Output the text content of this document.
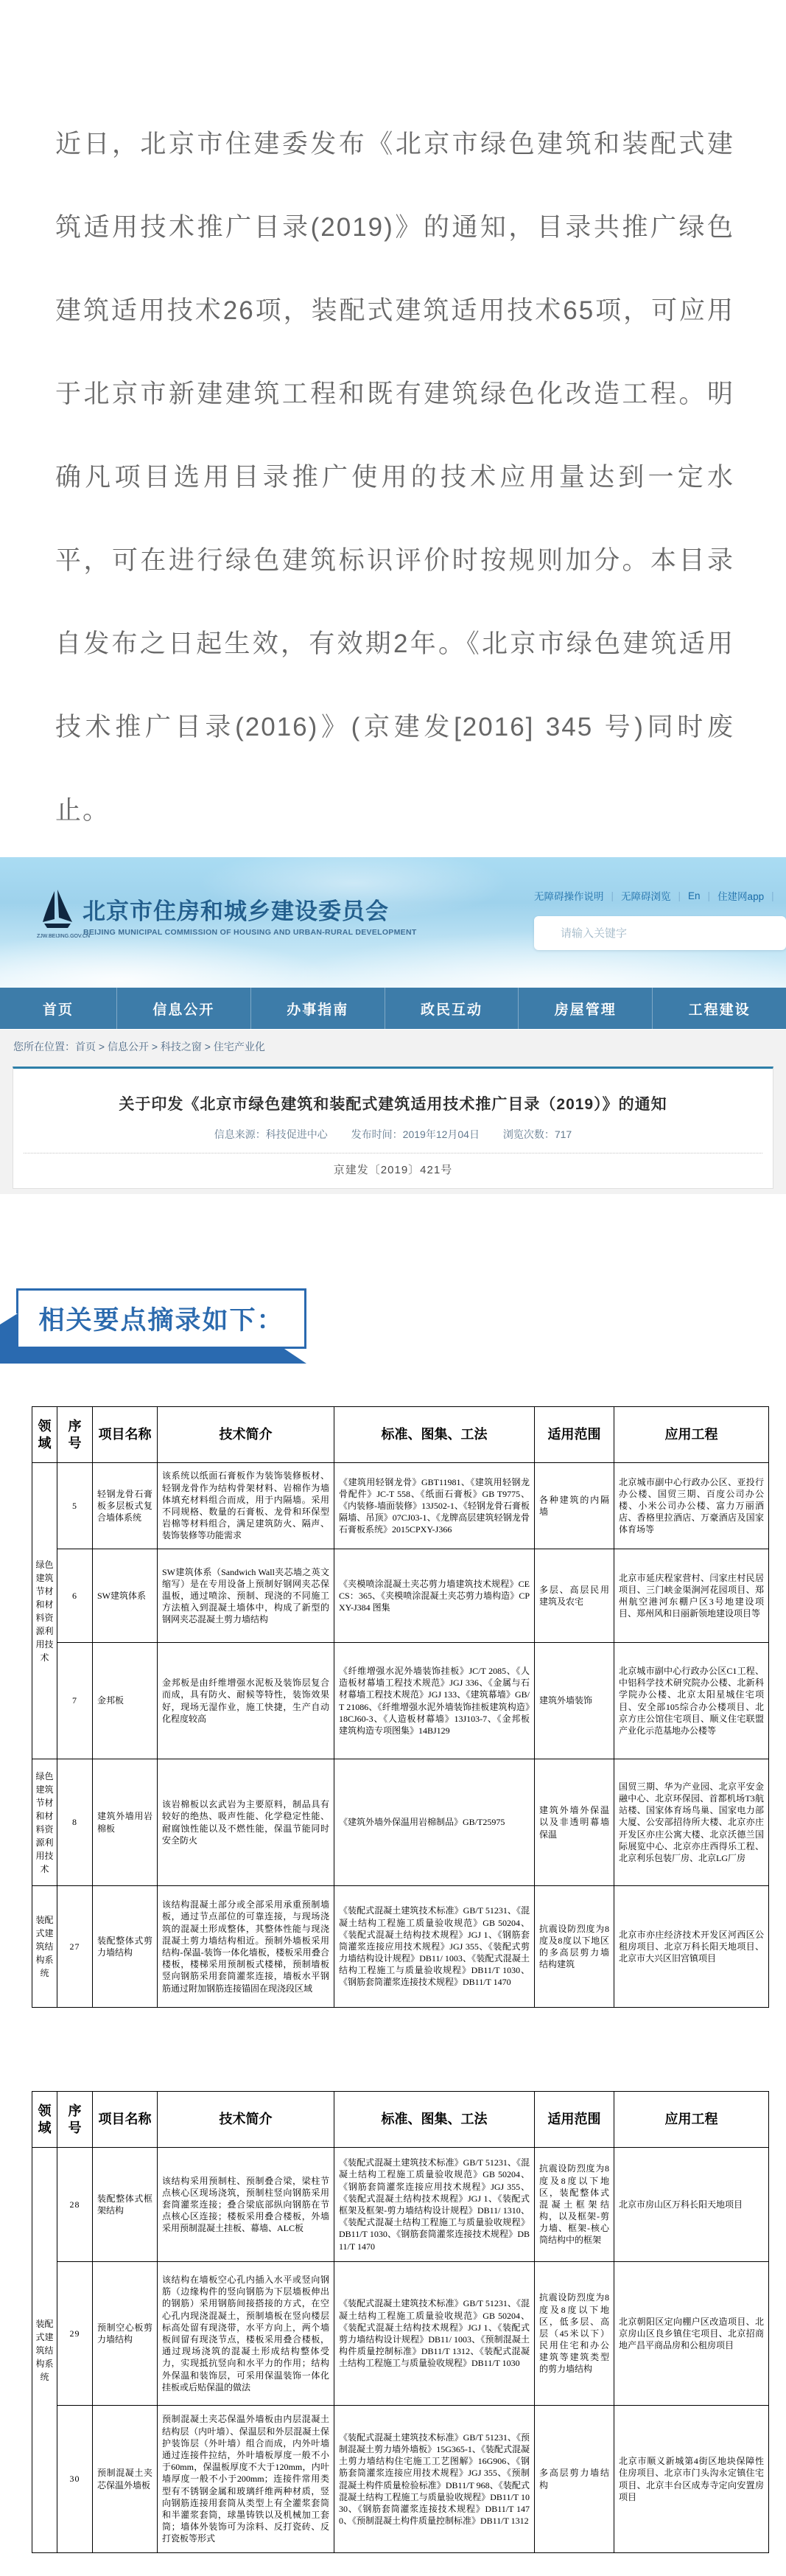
近日，北京市住建委发布《北京市绿色建筑和装配式建筑适用技术推广目录(2019)》的通知，目录共推广绿色建筑适用技术26项，装配式建筑适用技术65项，可应用于北京市新建建筑工程和既有建筑绿色化改造工程。明确凡项目选用目录推广使用的技术应用量达到一定水平，可在进行绿色建筑标识评价时按规则加分。本目录自发布之日起生效，有效期2年。《北京市绿色建筑适用技术推广目录(2016)》(京建发[2016] 345 号)同时废止。

ZJW.BEIJING.GOV.CN
北京市住房和城乡建设委员会
BEIJING MUNICIPAL COMMISSION OF HOUSING AND URBAN-RURAL DEVELOPMENT
无障碍操作说明 | 无障碍浏览 | En | 住建网app |
请输入关键字
首页	信息公开	办事指南	政民互动	房屋管理	工程建设
您所在位置：首页 > 信息公开 > 科技之窗 > 住宅产业化
关于印发《北京市绿色建筑和装配式建筑适用技术推广目录（2019）》的通知
信息来源：科技促进中心 发布时间：2019年12月04日 浏览次数：717
京建发〔2019〕421号
相关要点摘录如下：
领域	序号	项目名称	技术简介	标准、图集、工法	适用范围	应用工程
绿色建筑节材和材料资源利用技术	5	轻钢龙骨石膏板多层板式复合墙体系统	该系统以纸面石膏板作为装饰装修板材、轻钢龙骨作为结构骨架材料、岩棉作为墙体填充材料组合而成，用于内隔墙。采用不同规格、数量的石膏板、龙骨和环保型岩棉等材料组合，满足建筑防火、隔声、装饰装修等功能需求	《建筑用轻钢龙骨》GBT11981、《建筑用轻钢龙骨配件》JC-T 558、《纸面石膏板》GB T9775、《内装修-墙面装修》13J502-1、《轻钢龙骨石膏板隔墙、吊顶》07CJ03-1、《龙牌高层建筑轻钢龙骨石膏板系统》2015CPXY-J366	各种建筑的内隔墙	北京城市副中心行政办公区、亚投行办公楼、国贸三期、百度公司办公楼、小米公司办公楼、富力万丽酒店、香格里拉酒店、万豪酒店及国家体育场等
	6	SW建筑体系	SW建筑体系（Sandwich Wall夹芯墙之英文缩写）是在专用设备上预制好钢网夹芯保温板，通过喷涂、预制、现浇的不同施工方法植入到混凝土墙体中，构成了新型的钢网夹芯混凝土剪力墙结构	《夹模喷涂混凝土夹芯剪力墙建筑技术规程》CECS：365、《夹模喷涂混凝土夹芯剪力墙构造》CPXY-J384 图集	多层、高层民用建筑及农宅	北京市延庆程家营村、闫家庄村民居项目、三门峡金渠涧河花园项目、郑州航空港河东棚户区3号地建设项目、郑州风和日丽新领地建设项目等
	7	金邦板	金邦板是由纤维增强水泥板及装饰层复合而成，具有防火、耐候等特性，装饰效果好，现场无湿作业，施工快捷，生产自动化程度较高	《纤维增强水泥外墙装饰挂板》JC/T 2085、《人造板材幕墙工程技术规范》JGJ 336、《金属与石材幕墙工程技术规范》JGJ 133、《建筑幕墙》GB/T 21086、《纤维增强水泥外墙装饰挂板建筑构造》18CJ60-3、《人造板材幕墙》13J103-7、《金邦板建筑构造专项图集》14BJ129	建筑外墙装饰	北京城市副中心行政办公区C1工程、中铝科学技术研究院办公楼、北新科学院办公楼、北京太阳星城住宅项目、安全部105综合办公楼项目、北京方庄公馆住宅项目、顺义住宅联盟产业化示范基地办公楼等
绿色建筑节材和材料资源利用技术	8	建筑外墙用岩棉板	该岩棉板以玄武岩为主要原料，制品具有较好的绝热、吸声性能、化学稳定性能、耐腐蚀性能以及不燃性能，保温节能同时安全防火	《建筑外墙外保温用岩棉制品》GB/T25975	建筑外墙外保温以及非透明幕墙保温	国贸三期、华为产业园、北京平安金融中心、北京环保园、首都机场T3航站楼、国家体育场鸟巢、国家电力部大厦、公安部招待所大楼、北京亦庄开发区亦庄公寓大楼、北京沃德兰国际展览中心、北京亦庄西得乐工程、北京利乐包装厂房、北京LG厂房
装配式建筑结构系统	27	装配整体式剪力墙结构	该结构混凝土部分或全部采用承重预制墙板，通过节点部位的可靠连接，与现场浇筑的混凝土形成整体，其整体性能与现浇混凝土剪力墙结构相近。预制外墙板采用结构-保温-装饰一体化墙板，楼板采用叠合楼板，楼梯采用预制板式楼梯，预制墙板竖向钢筋采用套筒灌浆连接，墙板水平钢筋通过附加钢筋连接锚固在现浇段区域	《装配式混凝土建筑技术标准》GB/T 51231、《混凝土结构工程施工质量验收规范》GB 50204、《装配式混凝土结构技术规程》JGJ 1、《钢筋套筒灌浆连接应用技术规程》JGJ 355、《装配式剪力墙结构设计规程》DB11/ 1003、《装配式混凝土结构工程施工与质量验收规程》DB11/T 1030、《钢筋套筒灌浆连接技术规程》DB11/T 1470	抗震设防烈度为8度及8度以下地区的多高层剪力墙结构建筑	北京市亦庄经济技术开发区河西区公租房项目、北京万科长阳天地项目、北京市大兴区旧宫镇项目
领域	序号	项目名称	技术简介	标准、图集、工法	适用范围	应用工程
装配式建筑结构系统	28	装配整体式框架结构	该结构采用预制柱、预制叠合梁，梁柱节点核心区现场浇筑，预制柱竖向钢筋采用套筒灌浆连接；叠合梁底部纵向钢筋在节点核心区连接；楼板采用叠合楼板，外墙采用预制混凝土挂板、幕墙、ALC板	《装配式混凝土建筑技术标准》GB/T 51231、《混凝土结构工程施工质量验收规范》GB 50204、《钢筋套筒灌浆连接应用技术规程》JGJ 355、《装配式混凝土结构技术规程》JGJ 1、《装配式框架及框架-剪力墙结构设计规程》DB11/ 1310、《装配式混凝土结构工程施工与质量验收规程》DB11/T 1030、《钢筋套筒灌浆连接技术规程》DB11/T 1470	抗震设防烈度为8度及8度以下地区，装配整体式混凝土框架结构，以及框架-剪力墙、框架-核心筒结构中的框架	北京市房山区万科长阳天地项目
	29	预制空心板剪力墙结构	该结构在墙板空心孔内插入水平或竖向钢筋（边缘构件的竖向钢筋为下层墙板伸出的钢筋）采用钢筋间接搭接的方式，在空心孔内现浇混凝土，预制墙板在竖向楼层标高处留有现浇带，水平方向上，两个墙板间留有现浇节点，楼板采用叠合楼板，通过现场浇筑的混凝土形成结构整体受力，实现抵抗竖向和水平力的作用；结构外保温和装饰层，可采用保温装饰一体化挂板或后贴保温的做法	《装配式混凝土建筑技术标准》GB/T 51231、《混凝土结构工程施工质量验收规范》GB 50204、《装配式混凝土结构技术规程》JGJ 1、《装配式剪力墙结构设计规程》DB11/ 1003、《预制混凝土构件质量控制标准》DB11/T 1312、《装配式混凝土结构工程施工与质量验收规程》DB11/T 1030	抗震设防烈度为8度及8度以下地区，低多层、高层（45米以下）民用住宅和办公建筑等建筑类型的剪力墙结构	北京朝阳区定向棚户区改造项目、北京房山区良乡镇住宅项目、北京招商地产昌平商品房和公租房项目
	30	预制混凝土夹芯保温外墙板	预制混凝土夹芯保温外墙板由内层混凝土结构层（内叶墙）、保温层和外层混凝土保护装饰层（外叶墙）组合而成，内外叶墙通过连接件拉结，外叶墙板厚度一般不小于60mm，保温板厚度不大于120mm，内叶墙厚度一般不小于200mm；连接件常用类型有不锈钢金属和玻璃纤维两种材质，竖向钢筋连接用套筒从类型上有全灌浆套筒和半灌浆套筒，球墨铸铁以及机械加工套筒；墙体外装饰可为涂料、反打瓷砖、反打瓷板等形式	《装配式混凝土建筑技术标准》GB/T 51231、《预制混凝土剪力墙外墙板》15G365-1、《装配式混凝土剪力墙结构住宅施工工艺图解》16G906、《钢筋套筒灌浆连接应用技术规程》JGJ 355、《预制混凝土构件质量检验标准》DB11/T 968、《装配式混凝土结构工程施工与质量验收规程》DB11/T 1030、《钢筋套筒灌浆连接技术规程》DB11/T 1470、《预制混凝土构件质量控制标准》DB11/T 1312	多高层剪力墙结构	北京市顺义新城第4街区地块保障性住房项目、北京市门头沟永定镇住宅项目、北京丰台区成寿寺定向安置房项目
